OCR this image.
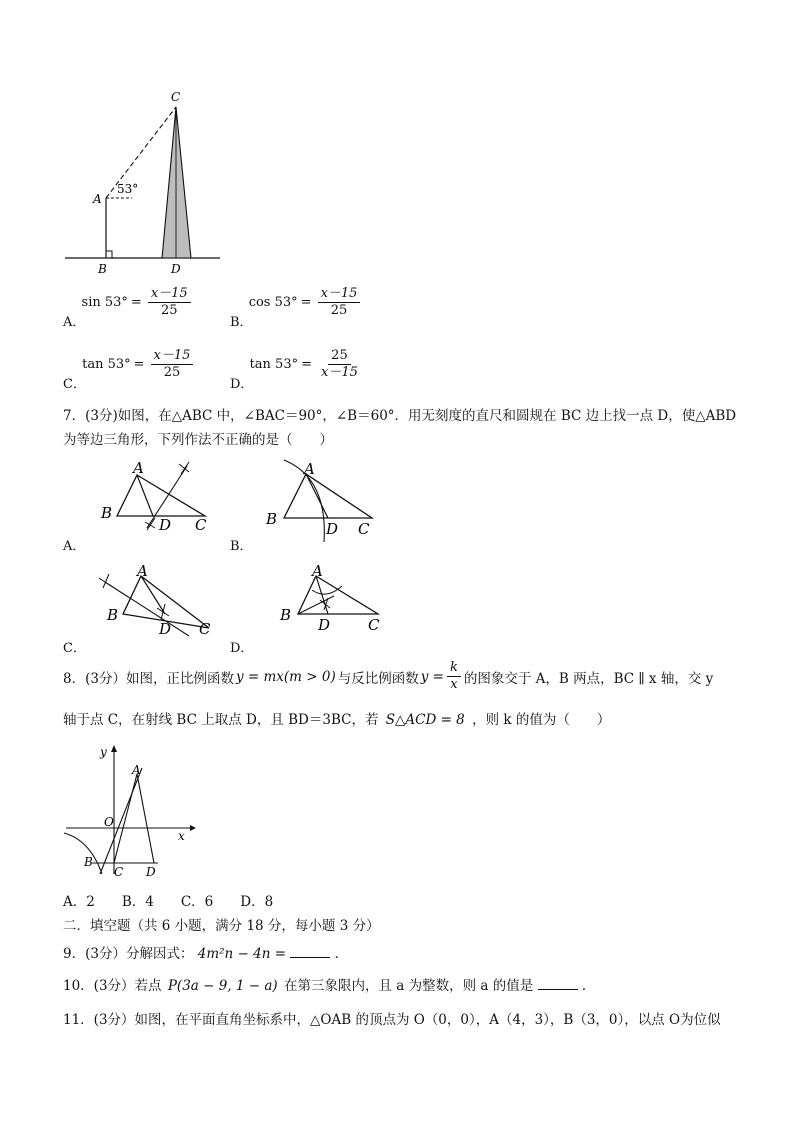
C
A
53°
B	D
A．
$\sin 53^\circ = \frac{x-15}{25}$
B．
$\cos 53^\circ = \frac{x-15}{25}$
C．
$\tan 53^\circ = \frac{x-15}{25}$
D．
$\tan 53^\circ = \frac{25}{x-15}$
7．(3分)如图，在△ABC 中，∠BAC＝90°，∠B＝60°．用无刻度的直尺和圆规在 BC 边上找一点 D，使△ABD
为等边三角形，下列作法不正确的是（　　）
A
B
D C
A．
A
B
D C
B．
A
B
D C
C．
A
B
D	C
D．
8．(3分）如图，正比例函数 y = mx(m > 0) 与反比例函数 $y = \frac{k}{x}$ 的图象交于 A，B 两点，BC ∥ x 轴，交 y
轴于点 C，在射线 BC 上取点 D，且 BD＝3BC，若 S△ACD = 8 ，则 k 的值为（　　）
y
x
O
A
B
C D
A．2　　B．4　　C．6　　D．8
二．填空题（共 6 小题，满分 18 分，每小题 3 分）
9．(3分）分解因式： 4m²n − 4n =	．
10．(3分）若点 P(3a − 9, 1 − a) 在第三象限内，且 a 为整数，则 a 的值是	．
11．(3分）如图，在平面直角坐标系中，△OAB 的顶点为 O（0，0），A（4，3），B（3，0），以点 O为位似
